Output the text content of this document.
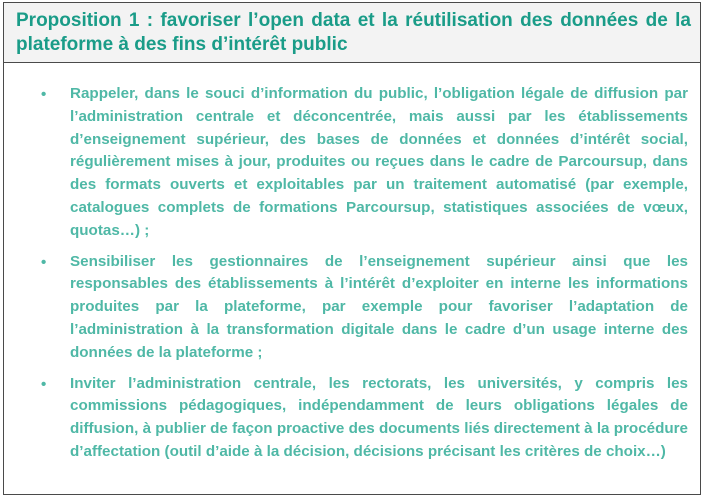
Proposition 1 : favoriser l’open data et la réutilisation des données de la plateforme à des fins d’intérêt public
• Rappeler, dans le souci d’information du public, l’obligation légale de diffusion par l’administration centrale et déconcentrée, mais aussi par les établissements d’enseignement supérieur, des bases de données et données d’intérêt social, régulièrement mises à jour, produites ou reçues dans le cadre de Parcoursup, dans des formats ouverts et exploitables par un traitement automatisé (par exemple, catalogues complets de formations Parcoursup, statistiques associées de vœux, quotas…) ;

• Sensibiliser les gestionnaires de l’enseignement supérieur ainsi que les responsables des établissements à l’intérêt d’exploiter en interne les informations produites par la plateforme, par exemple pour favoriser l’adaptation de l’administration à la transformation digitale dans le cadre d’un usage interne des données de la plateforme ;

• Inviter l’administration centrale, les rectorats, les universités, y compris les commissions pédagogiques, indépendamment de leurs obligations légales de diffusion, à publier de façon proactive des documents liés directement à la procédure d’affectation (outil d’aide à la décision, décisions précisant les critères de choix…)
